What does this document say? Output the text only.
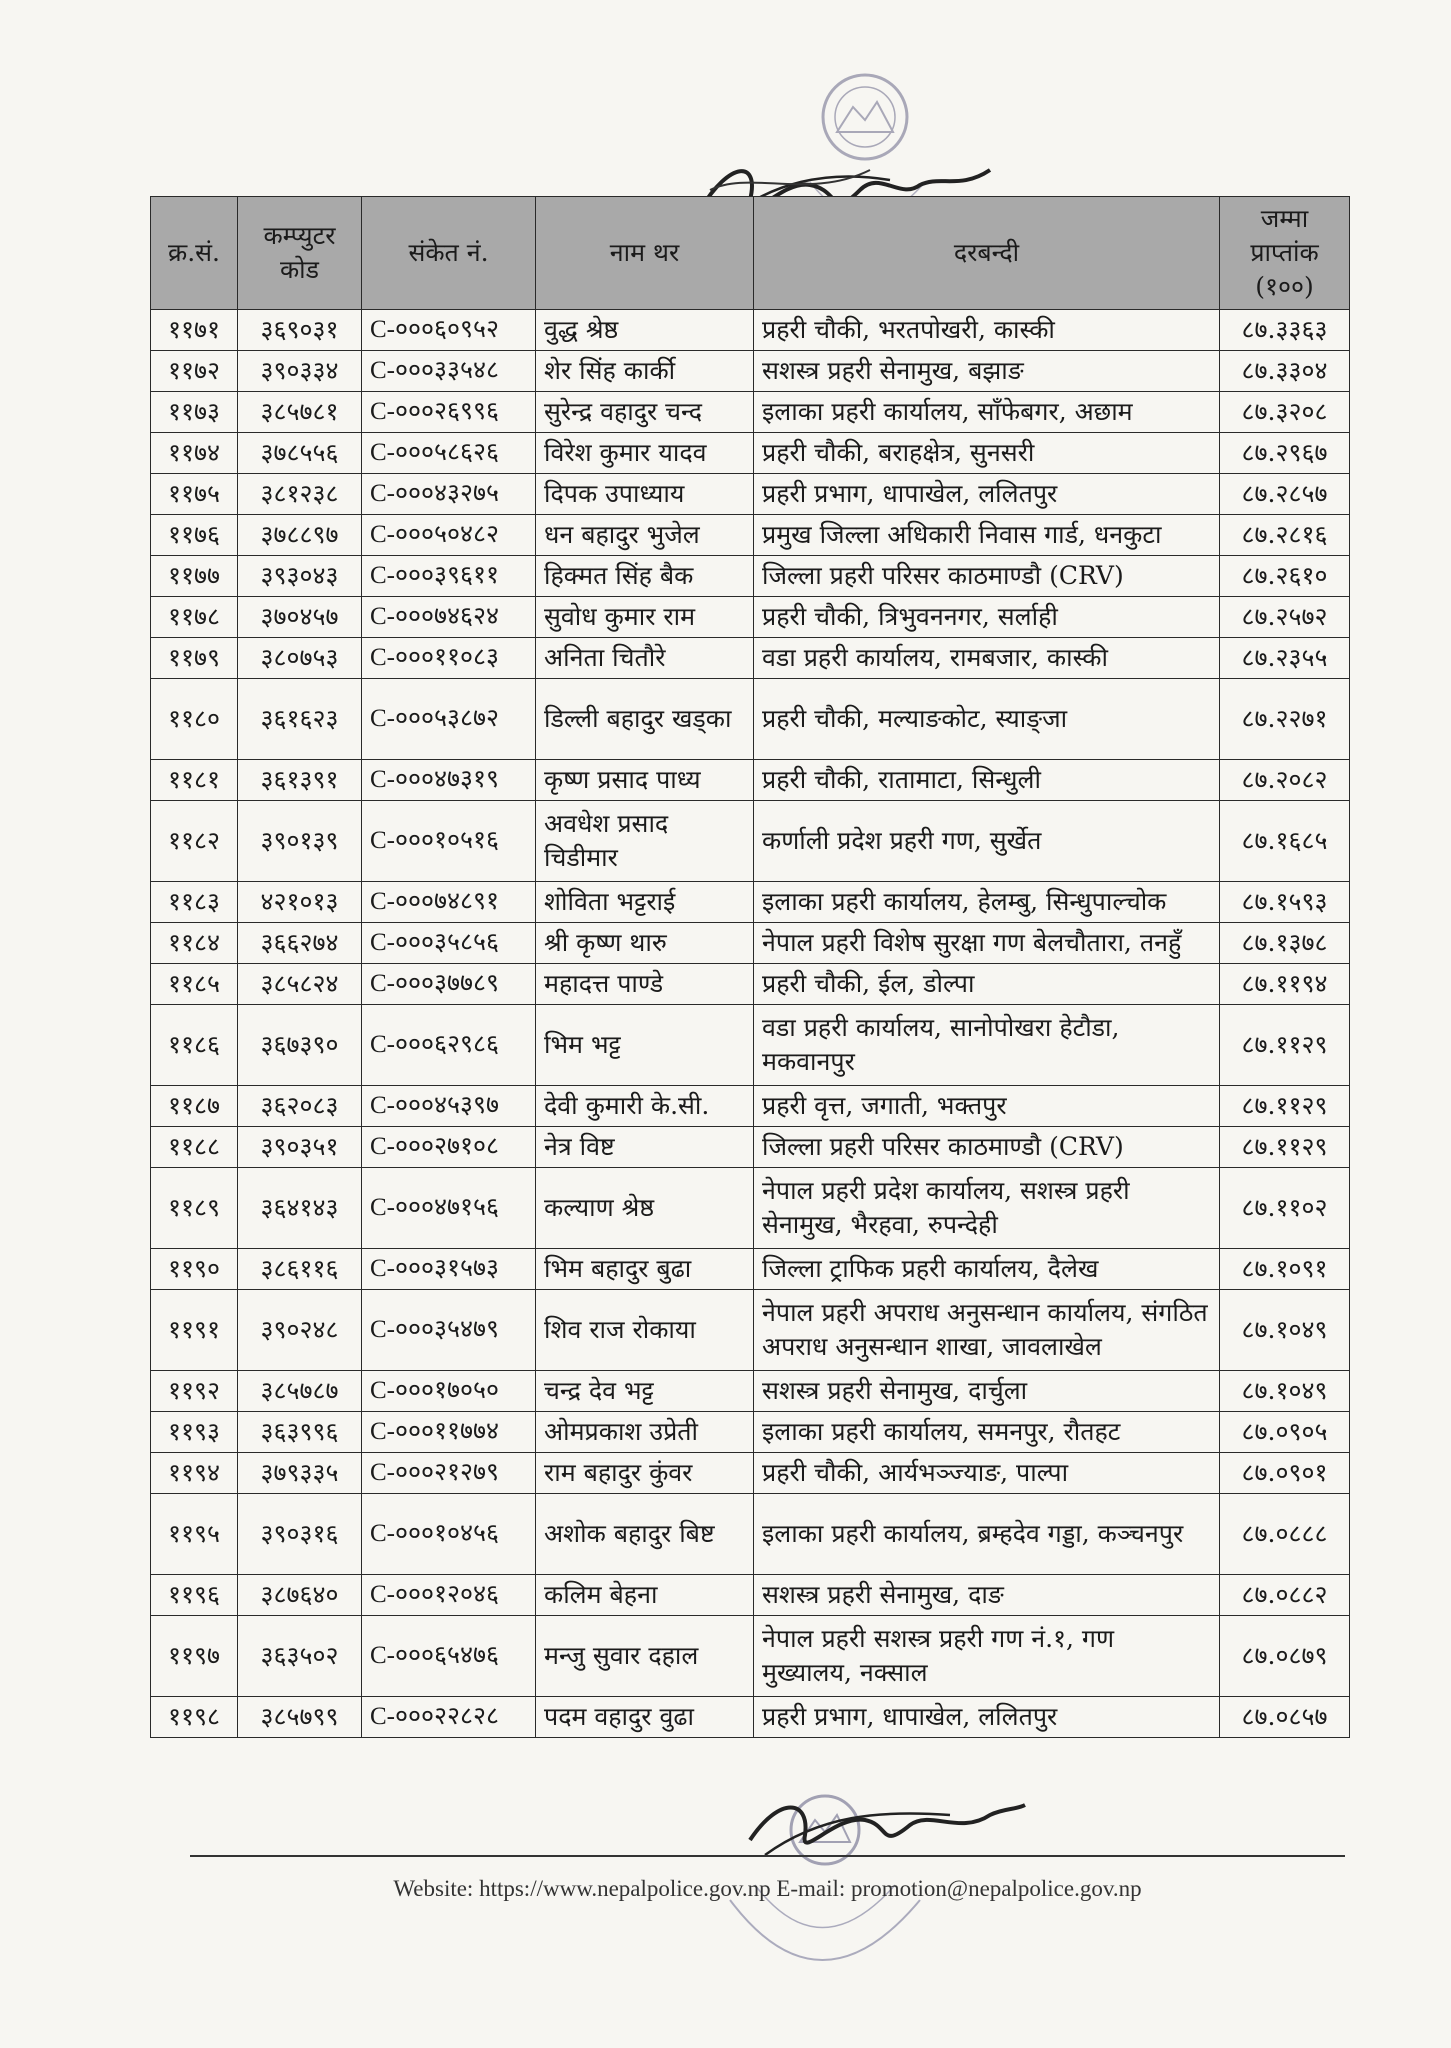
क्र.सं.	कम्प्युटर कोड	संकेत नं.	नाम थर	दरबन्दी	जम्मा प्राप्तांक (१००)
११७१	३६९०३१	C-०००६०९५२	वुद्ध श्रेष्ठ	प्रहरी चौकी, भरतपोखरी, कास्की	८७.३३६३
११७२	३९०३३४	C-०००३३५४८	शेर सिंह कार्की	सशस्त्र प्रहरी सेनामुख, बझाङ	८७.३३०४
११७३	३८५७८१	C-०००२६९९६	सुरेन्द्र वहादुर चन्द	इलाका प्रहरी कार्यालय, साँफेबगर, अछाम	८७.३२०८
११७४	३७८५५६	C-०००५८६२६	विरेश कुमार यादव	प्रहरी चौकी, बराहक्षेत्र, सुनसरी	८७.२९६७
११७५	३८१२३८	C-०००४३२७५	दिपक उपाध्याय	प्रहरी प्रभाग, धापाखेल, ललितपुर	८७.२८५७
११७६	३७८८९७	C-०००५०४८२	धन बहादुर भुजेल	प्रमुख जिल्ला अधिकारी निवास गार्ड, धनकुटा	८७.२८१६
११७७	३९३०४३	C-०००३९६११	हिक्मत सिंह बैक	जिल्ला प्रहरी परिसर काठमाण्डौ (CRV)	८७.२६१०
११७८	३७०४५७	C-०००७४६२४	सुवोध कुमार राम	प्रहरी चौकी, त्रिभुवननगर, सर्लाही	८७.२५७२
११७९	३८०७५३	C-०००११०८३	अनिता चितौरे	वडा प्रहरी कार्यालय, रामबजार, कास्की	८७.२३५५
११८०	३६१६२३	C-०००५३८७२	डिल्ली बहादुर खड्का	प्रहरी चौकी, मल्याङकोट, स्याङ्जा	८७.२२७१
११८१	३६१३९१	C-०००४७३१९	कृष्ण प्रसाद पाध्य	प्रहरी चौकी, रातामाटा, सिन्धुली	८७.२०८२
११८२	३९०१३९	C-०००१०५१६	अवधेश प्रसाद चिडीमार	कर्णाली प्रदेश प्रहरी गण, सुर्खेत	८७.१६८५
११८३	४२१०१३	C-०००७४८९१	शोविता भट्टराई	इलाका प्रहरी कार्यालय, हेलम्बु, सिन्धुपाल्चोक	८७.१५९३
११८४	३६६२७४	C-०००३५८५६	श्री कृष्ण थारु	नेपाल प्रहरी विशेष सुरक्षा गण बेलचौतारा, तनहुँ	८७.१३७८
११८५	३८५८२४	C-०००३७७८९	महादत्त पाण्डे	प्रहरी चौकी, ईल, डोल्पा	८७.११९४
११८६	३६७३९०	C-०००६२९८६	भिम भट्ट	वडा प्रहरी कार्यालय, सानोपोखरा हेटौडा, मकवानपुर	८७.११२९
११८७	३६२०८३	C-०००४५३९७	देवी कुमारी के.सी.	प्रहरी वृत्त, जगाती, भक्तपुर	८७.११२९
११८८	३९०३५१	C-०००२७१०८	नेत्र विष्ट	जिल्ला प्रहरी परिसर काठमाण्डौ (CRV)	८७.११२९
११८९	३६४१४३	C-०००४७१५६	कल्याण श्रेष्ठ	नेपाल प्रहरी प्रदेश कार्यालय, सशस्त्र प्रहरी सेनामुख, भैरहवा, रुपन्देही	८७.११०२
११९०	३८६११६	C-०००३१५७३	भिम बहादुर बुढा	जिल्ला ट्राफिक प्रहरी कार्यालय, दैलेख	८७.१०९१
११९१	३९०२४८	C-०००३५४७९	शिव राज रोकाया	नेपाल प्रहरी अपराध अनुसन्धान कार्यालय, संगठित अपराध अनुसन्धान शाखा, जावलाखेल	८७.१०४९
११९२	३८५७८७	C-०००१७०५०	चन्द्र देव भट्ट	सशस्त्र प्रहरी सेनामुख, दार्चुला	८७.१०४९
११९३	३६३९९६	C-०००११७७४	ओमप्रकाश उप्रेती	इलाका प्रहरी कार्यालय, समनपुर, रौतहट	८७.०९०५
११९४	३७९३३५	C-०००२१२७९	राम बहादुर कुंवर	प्रहरी चौकी, आर्यभञ्ज्याङ, पाल्पा	८७.०९०१
११९५	३९०३१६	C-०००१०४५६	अशोक बहादुर बिष्ट	इलाका प्रहरी कार्यालय, ब्रम्हदेव गड्डा, कञ्चनपुर	८७.०८८८
११९६	३८७६४०	C-०००१२०४६	कलिम बेहना	सशस्त्र प्रहरी सेनामुख, दाङ	८७.०८८२
११९७	३६३५०२	C-०००६५४७६	मन्जु सुवार दहाल	नेपाल प्रहरी सशस्त्र प्रहरी गण नं.१, गण मुख्यालय, नक्साल	८७.०८७९
११९८	३८५७९९	C-०००२२८२८	पदम वहादुर वुढा	प्रहरी प्रभाग, धापाखेल, ललितपुर	८७.०८५७
Website: https://www.nepalpolice.gov.np E-mail: promotion@nepalpolice.gov.np
